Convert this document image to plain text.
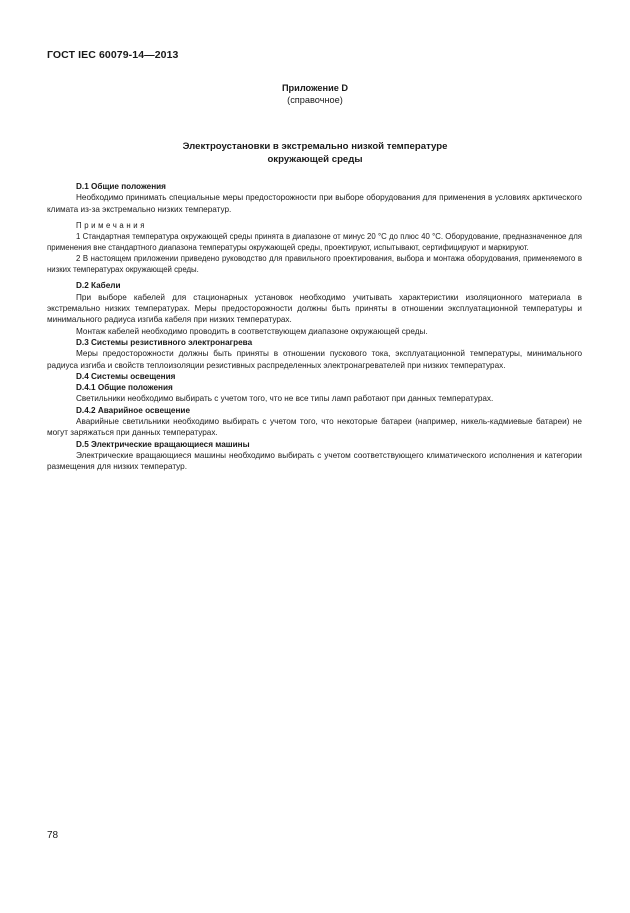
ГОСТ IEC 60079-14—2013
Приложение D
(справочное)
Электроустановки в экстремально низкой температуре
окружающей среды

D.1 Общие положения

Необходимо принимать специальные меры предосторожности при выборе оборудования для применения в условиях арктического климата из-за экстремально низких температур.

Примечания

1 Стандартная температура окружающей среды принята в диапазоне от минус 20 °С до плюс 40 °С. Оборудование, предназначенное для применения вне стандартного диапазона температуры окружающей среды, проектируют, испытывают, сертифицируют и маркируют.

2 В настоящем приложении приведено руководство для правильного проектирования, выбора и монтажа оборудования, применяемого в низких температурах окружающей среды.

D.2 Кабели

При выборе кабелей для стационарных установок необходимо учитывать характеристики изоляционного материала в экстремально низких температурах. Меры предосторожности должны быть приняты в отношении эксплуатационной температуры и минимального радиуса изгиба кабеля при низких температурах.

Монтаж кабелей необходимо проводить в соответствующем диапазоне окружающей среды.

D.3 Системы резистивного электронагрева

Меры предосторожности должны быть приняты в отношении пускового тока, эксплуатационной температуры, минимального радиуса изгиба и свойств теплоизоляции резистивных распределенных электронагревателей при низких температурах.

D.4 Системы освещения

D.4.1 Общие положения

Светильники необходимо выбирать с учетом того, что не все типы ламп работают при данных температурах.

D.4.2 Аварийное освещение

Аварийные светильники необходимо выбирать с учетом того, что некоторые батареи (например, никель-кадмиевые батареи) не могут заряжаться при данных температурах.

D.5 Электрические вращающиеся машины

Электрические вращающиеся машины необходимо выбирать с учетом соответствующего климатического исполнения и категории размещения для низких температур.

78
